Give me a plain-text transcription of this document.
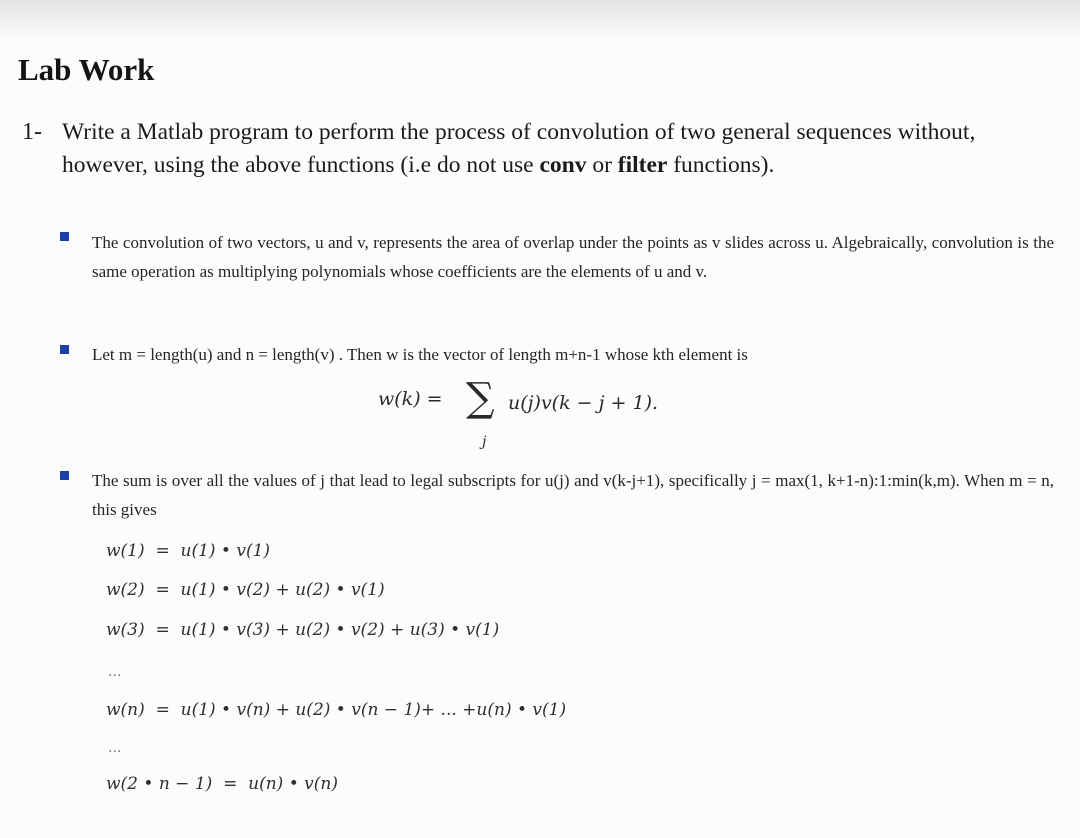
Lab Work
1- Write a Matlab program to perform the process of convolution of two general sequences without, however, using the above functions (i.e do not use conv or filter functions).
The convolution of two vectors, u and v, represents the area of overlap under the points as v slides across u. Algebraically, convolution is the same operation as multiplying polynomials whose coefficients are the elements of u and v.
Let m = length(u) and n = length(v) . Then w is the vector of length m+n-1 whose kth element is
w(k) = ∑
j
u(j)v(k − j + 1).
The sum is over all the values of j that lead to legal subscripts for u(j) and v(k-j+1), specifically j = max(1, k+1-n):1:min(k,m). When m = n, this gives
w(1)  =  u(1) • v(1)
w(2)  =  u(1) • v(2) + u(2) • v(1)
w(3)  =  u(1) • v(3) + u(2) • v(2) + u(3) • v(1)
...
w(n)  =  u(1) • v(n) + u(2) • v(n − 1)+ ... +u(n) • v(1)
...
w(2 • n − 1)  =  u(n) • v(n)
